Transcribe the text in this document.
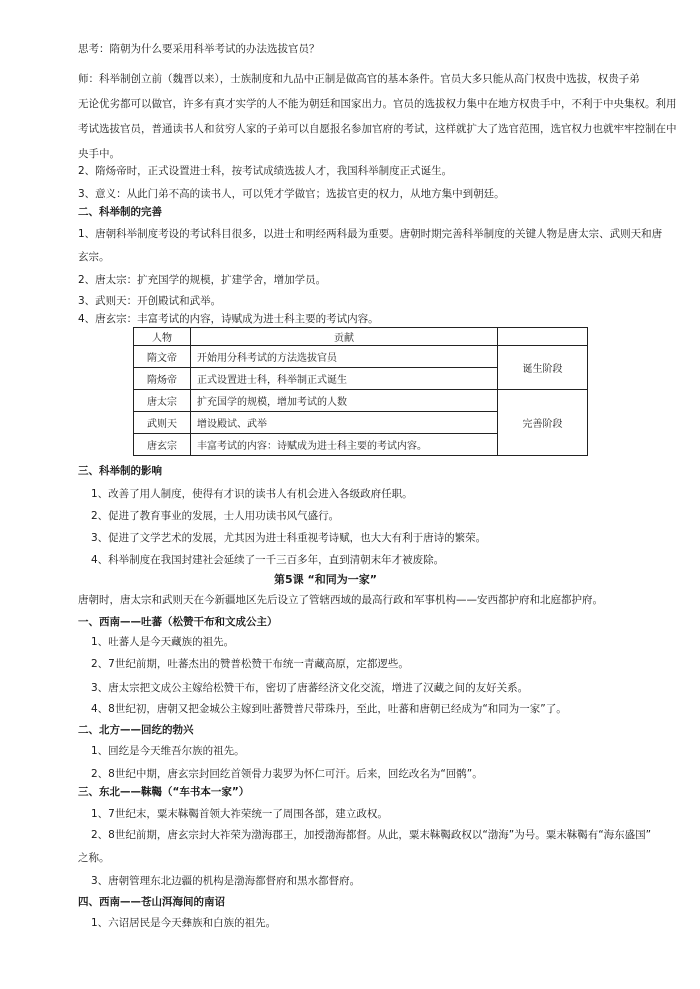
思考：隋朝为什么要采用科举考试的办法选拔官员？
师：科举制创立前（魏晋以来），士族制度和九品中正制是做高官的基本条件。官员大多只能从高门权贵中选拔，权贵子弟
无论优劣都可以做官，许多有真才实学的人不能为朝廷和国家出力。官员的选拔权力集中在地方权贵手中，不利于中央集权。利用
考试选拔官员，普通读书人和贫穷人家的子弟可以自愿报名参加官府的考试，这样就扩大了选官范围，选官权力也就牢牢控制在中
央手中。
2、隋炀帝时，正式设置进士科，按考试成绩选拔人才，我国科举制度正式诞生。
3、意义：从此门弟不高的读书人，可以凭才学做官；选拔官吏的权力，从地方集中到朝廷。
二、科举制的完善
1、唐朝科举制度考设的考试科目很多，以进士和明经两科最为重要。唐朝时期完善科举制度的关键人物是唐太宗、武则天和唐
玄宗。
2、唐太宗：扩充国学的规模，扩建学舍，增加学员。
3、武则天：开创殿试和武举。
4、唐玄宗：丰富考试的内容，诗赋成为进士科主要的考试内容。
人物	贡献	
隋文帝	开始用分科考试的方法选拔官员	诞生阶段
隋炀帝	正式设置进士科，科举制正式诞生	
唐太宗	扩充国学的规模，增加考试的人数	完善阶段
武则天	增设殿试、武举	
唐玄宗	丰富考试的内容：诗赋成为进士科主要的考试内容。	
三、科举制的影响
1、改善了用人制度，使得有才识的读书人有机会进入各级政府任职。
2、促进了教育事业的发展，士人用功读书风气盛行。
3、促进了文学艺术的发展，尤其因为进士科重视考诗赋，也大大有利于唐诗的繁荣。
4、科举制度在我国封建社会延续了一千三百多年，直到清朝末年才被废除。
第5课 “和同为一家”
唐朝时，唐太宗和武则天在今新疆地区先后设立了管辖西域的最高行政和军事机构——安西都护府和北庭都护府。
一、西南——吐蕃（松赞干布和文成公主）
1、吐蕃人是今天藏族的祖先。
2、7世纪前期，吐蕃杰出的赞普松赞干布统一青藏高原，定都逻些。
3、唐太宗把文成公主嫁给松赞干布，密切了唐蕃经济文化交流，增进了汉藏之间的友好关系。
4、8世纪初，唐朝又把金城公主嫁到吐蕃赞普尺带珠丹，至此，吐蕃和唐朝已经成为“和同为一家”了。
二、北方——回纥的勃兴
1、回纥是今天维吾尔族的祖先。
2、8世纪中期，唐玄宗封回纥首领骨力裴罗为怀仁可汗。后来，回纥改名为“回鹘”。
三、东北——靺鞨（“车书本一家”）
1、7世纪末，粟末靺鞨首领大祚荣统一了周围各部，建立政权。
2、8世纪前期，唐玄宗封大祚荣为渤海郡王，加授渤海都督。从此，粟末靺鞨政权以“渤海”为号。粟末靺鞨有“海东盛国”
之称。
3、唐朝管理东北边疆的机构是渤海都督府和黑水都督府。
四、西南——苍山洱海间的南诏
1、六诏居民是今天彝族和白族的祖先。
